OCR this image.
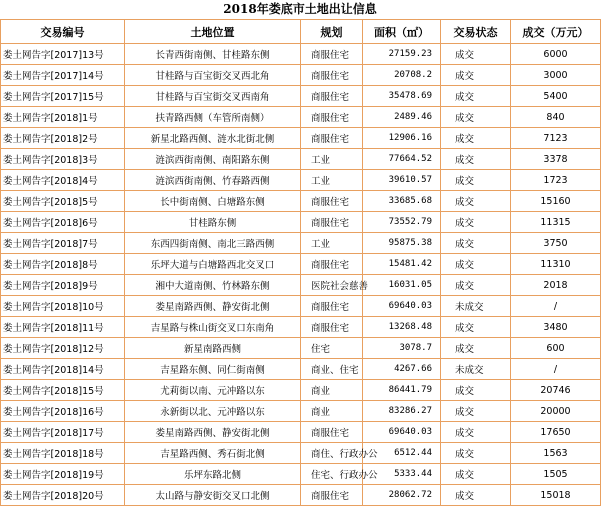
2018年娄底市土地出让信息
交易编号	土地位置	规划	面积（㎡）	交易状态	成交（万元）
娄土网告字[2017]13号	长青西街南侧、甘桂路东侧	商服住宅	27159.23	成交	6000
娄土网告字[2017]14号	甘桂路与百宝街交叉西北角	商服住宅	20708.2	成交	3000
娄土网告字[2017]15号	甘桂路与百宝街交叉西南角	商服住宅	35478.69	成交	5400
娄土网告字[2018]1号	扶青路西侧（车管所南侧）	商服住宅	2489.46	成交	840
娄土网告字[2018]2号	新星北路西侧、涟水北街北侧	商服住宅	12906.16	成交	7123
娄土网告字[2018]3号	涟滨西街南侧、南阳路东侧	工业	77664.52	成交	3378
娄土网告字[2018]4号	涟滨西街南侧、竹春路西侧	工业	39610.57	成交	1723
娄土网告字[2018]5号	长中街南侧、白塘路东侧	商服住宅	33685.68	成交	15160
娄土网告字[2018]6号	甘桂路东侧	商服住宅	73552.79	成交	11315
娄土网告字[2018]7号	东西四街南侧、南北三路西侧	工业	95875.38	成交	3750
娄土网告字[2018]8号	乐坪大道与白塘路西北交叉口	商服住宅	15481.42	成交	11310
娄土网告字[2018]9号	湘中大道南侧、竹林路东侧	医院社会慈善	16031.05	成交	2018
娄土网告字[2018]10号	娄星南路西侧、静安街北侧	商服住宅	69640.03	未成交	/
娄土网告字[2018]11号	吉星路与株山街交叉口东南角	商服住宅	13268.48	成交	3480
娄土网告字[2018]12号	新星南路西侧	住宅	3078.7	成交	600
娄土网告字[2018]14号	吉星路东侧、同仁街南侧	商业、住宅	4267.66	未成交	/
娄土网告字[2018]15号	尤莉街以南、元冲路以东	商业	86441.79	成交	20746
娄土网告字[2018]16号	永新街以北、元冲路以东	商业	83286.27	成交	20000
娄土网告字[2018]17号	娄星南路西侧、静安街北侧	商服住宅	69640.03	成交	17650
娄土网告字[2018]18号	吉星路西侧、秀石街北侧	商住、行政办公	6512.44	成交	1563
娄土网告字[2018]19号	乐坪东路北侧	住宅、行政办公	5333.44	成交	1505
娄土网告字[2018]20号	太山路与静安街交叉口北侧	商服住宅	28062.72	成交	15018
